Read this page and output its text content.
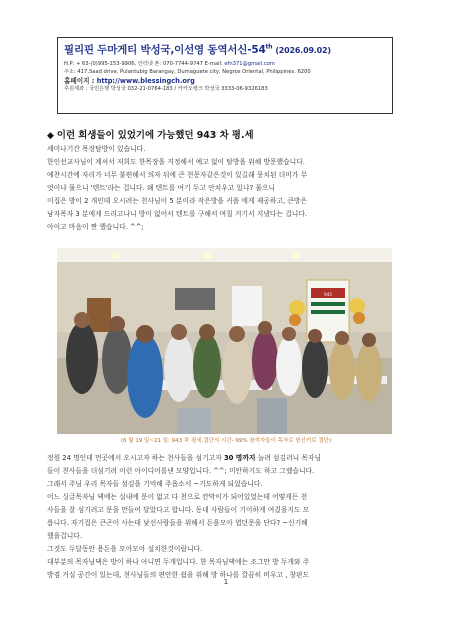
필리핀 두마게티 박성국,이선영 동역서신-54th (2026.09.02)
H.P: + 63-(0)995-153-9906, 인터넷 폰: 070-7744-9747 E-mail: efn371@gmail.com
주소: 417,Saad drive, Pulantubig Barangay, Dumaguete city, Negros Oriental, Philippines. 6200
홈페이지 : http://www.blessingch.org
후원계좌 : 국민은행 박성국 032-21-0764-183 / 카카오뱅크 박성국 3333-06-9326183
◆ 이런 희생들이 있었기에 가능했던 943 차 평.세

세미나기간 목장탐방이 있습니다.

한인선교사님이 계셔서 저희도 한목장을 지정해서 예고 없이 탐방을 위해 방문했습니다.

예찬시간에 자리가 너무 불편해서 의자 뒤에 큰 천몽자같은것이 있길래 뭉치된 더미가 무

엇이냐 물으니 '텐트'라는 겁니다. 왜 텐트를 여기 두고 안치우고 있냐? 물으니

이집은 방이 2 개인데 오시려는 천사님이 5 분이라 작은방을 커플 에게 제공하고, 큰방은

남자목자 3 분에게 드리고나니 방이 없어서 텐트를 구해서 며칠 거기서 지냈다는 겁니다.

아이고 마음이 짠 했습니다. ^^;

943
(6 월 19 일~21 일: 943 차 평세,결단의 시간- 99% 참석자들이 목자로 헌신키로 결단)

정원 24 명인데 먼곳에서 오시고자 하는 천사들을 섬기고자 30 명까지 늘려 섬김러니 목자님

들이 천사들을 더섬기려 이런 아이디어를낸 모양입니다. ^^; 미안하기도 하고 그랬습니다.

그래서 주님 우리 목자들 섬김을 기억해 주옵소서 ~기도하게 되었습니다.

어느 싱글목자님 댁에는 실내에 문이 없고 다 천으로 칸막이가 되어있었는데 어떻게든 천

사들을 잘 섬기려고 문을 만들어 달았다고 합니다. 동네 사람들이 기이하게 여겼을지도 모

릅니다. 자기집은 큰곤이 사는데 낯선사람들을 위해서 돈을모아 엽던문을 단다? ~신기해

했을겁니다.

그것도 두달동안 용돈을 모아모아 설치한것이랍니다.

대부분의 목자님댁은 방이 하나 아니면 두개입니다. 한 목자님댁에는 조그만 방 두개와 주

방겸 거실 공간이 있는데, 천사님들의 편안한 쉼을 위해 방 하나를 깔끔히 비우고 , 창판도

1
